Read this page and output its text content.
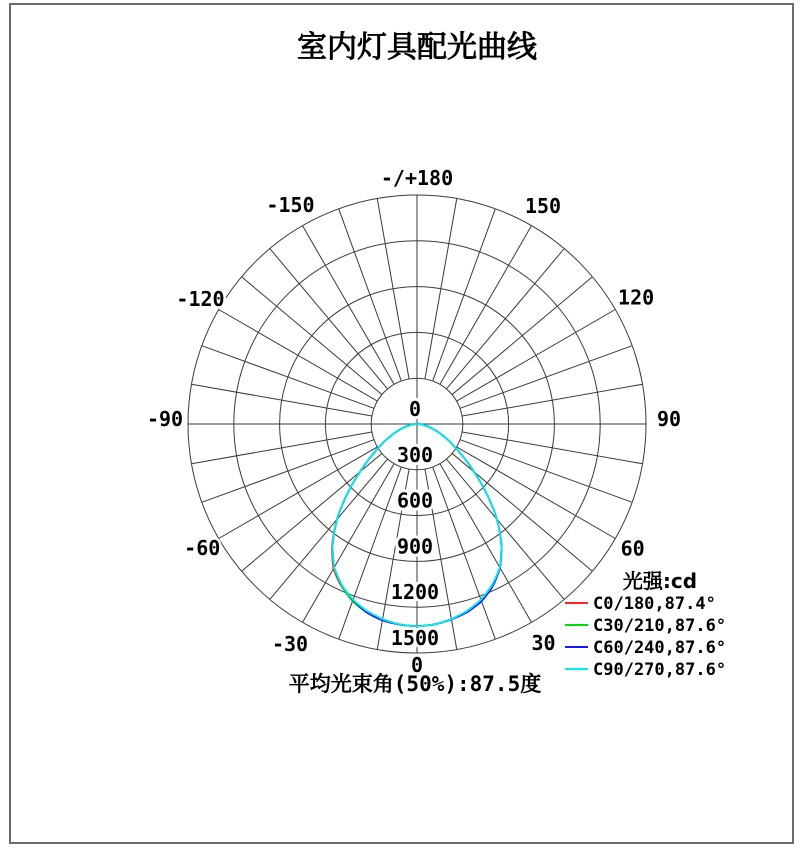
室内灯具配光曲线
0
300
600
900
1200
1500
-/+180
150
120
90
60
30
0
-30
-60
-90
-120
-150
光强:cd
C0/180,87.4°
C30/210,87.6°
C60/240,87.6°
C90/270,87.6°
平均光束角(50%):87.5度
